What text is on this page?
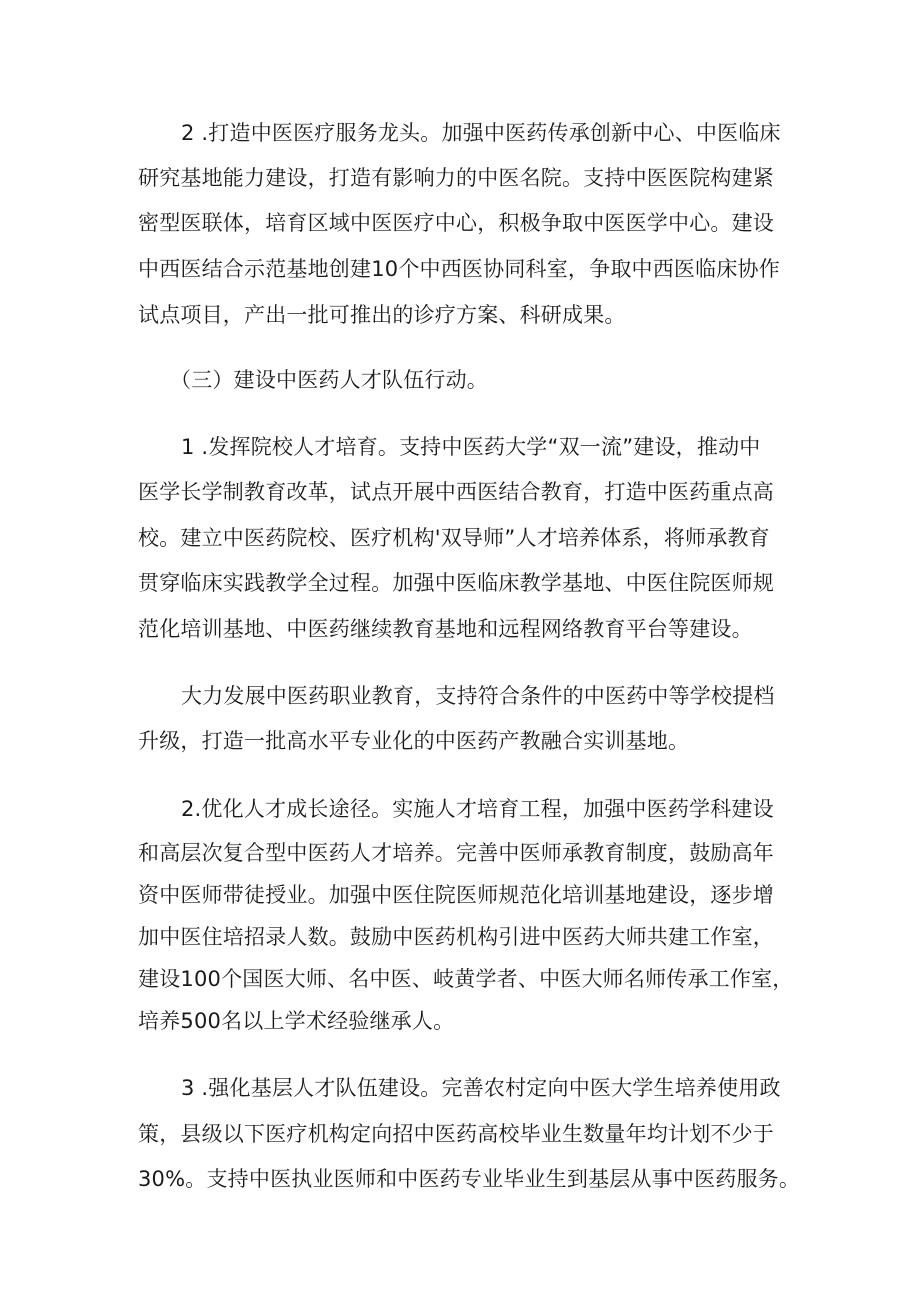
2 .打造中医医疗服务龙头。加强中医药传承创新中心、中医临床
研究基地能力建设，打造有影响力的中医名院。支持中医医院构建紧
密型医联体，培育区域中医医疗中心，积极争取中医医学中心。建设
中西医结合示范基地创建10个中西医协同科室，争取中西医临床协作
试点项目，产出一批可推出的诊疗方案、科研成果。
（三）建设中医药人才队伍行动。
1 .发挥院校人才培育。支持中医药大学“双一流”建设，推动中
医学长学制教育改革，试点开展中西医结合教育，打造中医药重点高
校。建立中医药院校、医疗机构'双导师”人才培养体系，将师承教育
贯穿临床实践教学全过程。加强中医临床教学基地、中医住院医师规
范化培训基地、中医药继续教育基地和远程网络教育平台等建设。
大力发展中医药职业教育，支持符合条件的中医药中等学校提档
升级，打造一批高水平专业化的中医药产教融合实训基地。
2.优化人才成长途径。实施人才培育工程，加强中医药学科建设
和高层次复合型中医药人才培养。完善中医师承教育制度，鼓励高年
资中医师带徒授业。加强中医住院医师规范化培训基地建设，逐步增
加中医住培招录人数。鼓励中医药机构引进中医药大师共建工作室，
建设100个国医大师、名中医、岐黄学者、中医大师名师传承工作室，
培养500名以上学术经验继承人。
3 .强化基层人才队伍建设。完善农村定向中医大学生培养使用政
策，县级以下医疗机构定向招中医药高校毕业生数量年均计划不少于
30%。支持中医执业医师和中医药专业毕业生到基层从事中医药服务。
